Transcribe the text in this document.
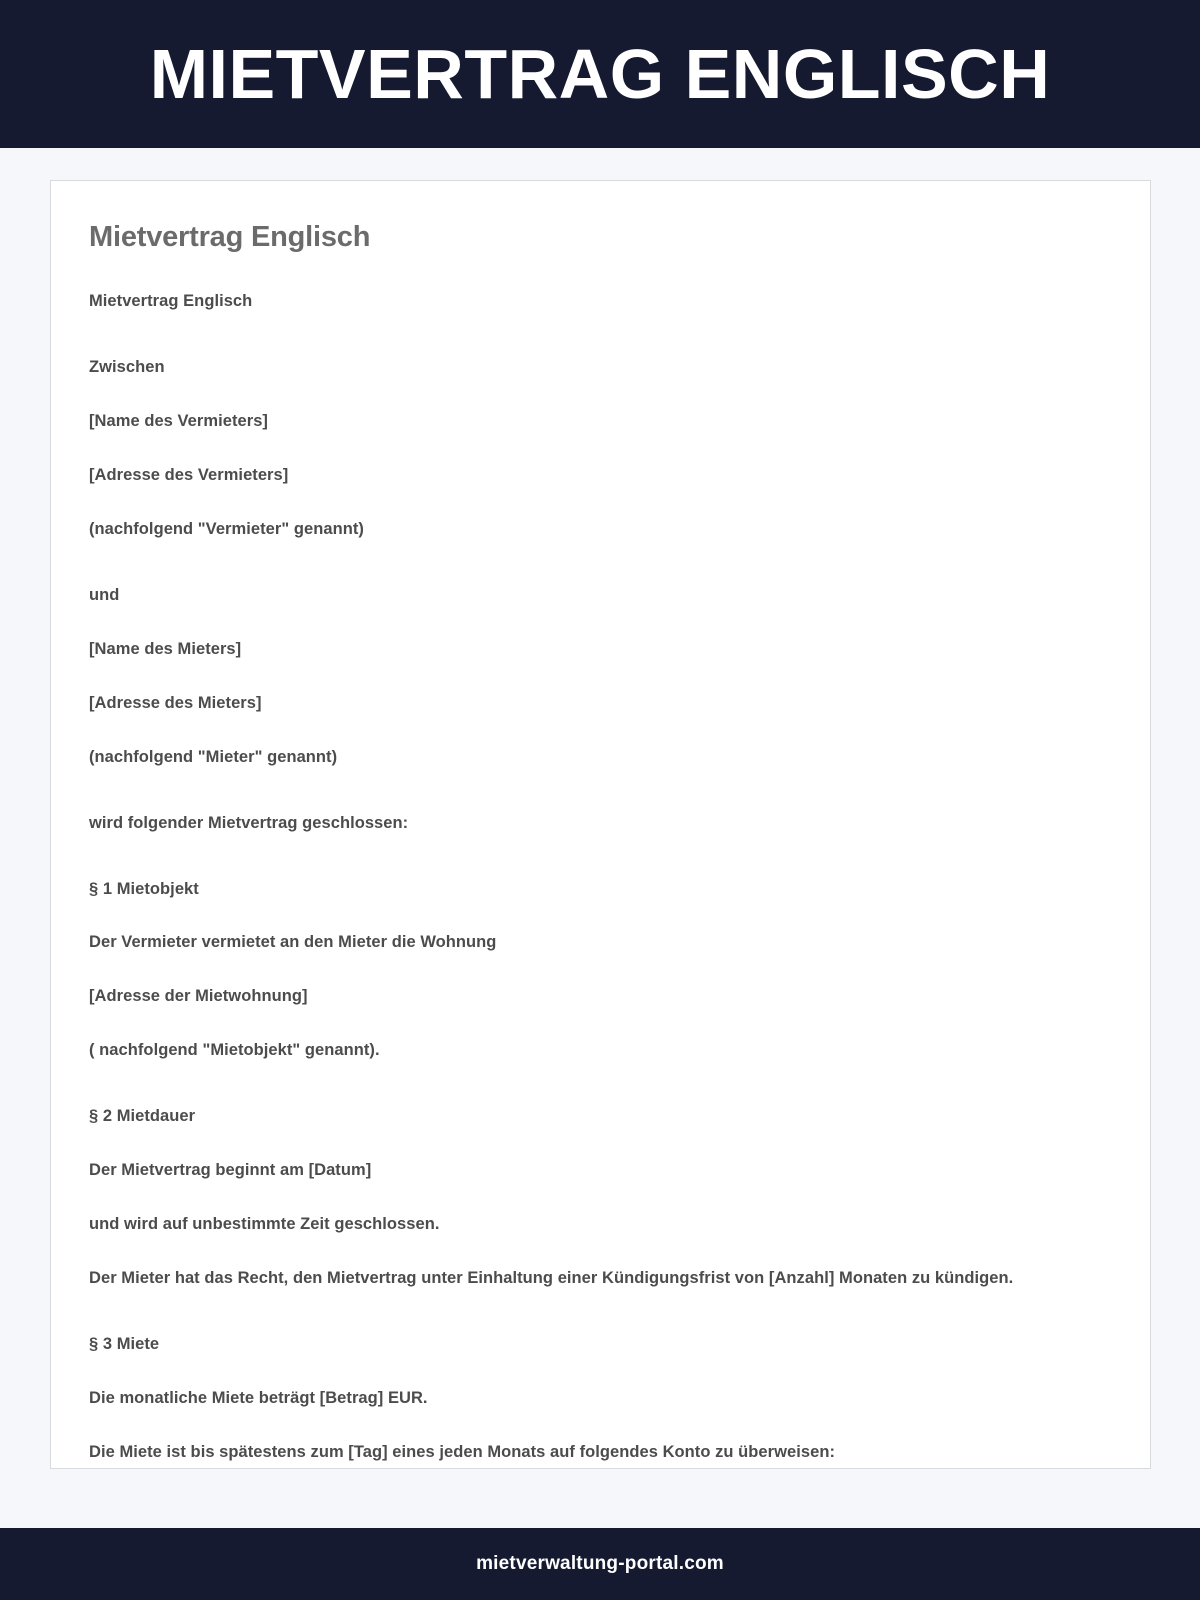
MIETVERTRAG ENGLISCH
Mietvertrag Englisch

Mietvertrag Englisch

Zwischen

[Name des Vermieters]

[Adresse des Vermieters]

(nachfolgend "Vermieter" genannt)

und

[Name des Mieters]

[Adresse des Mieters]

(nachfolgend "Mieter" genannt)

wird folgender Mietvertrag geschlossen:

§ 1 Mietobjekt

Der Vermieter vermietet an den Mieter die Wohnung

[Adresse der Mietwohnung]

( nachfolgend "Mietobjekt" genannt).

§ 2 Mietdauer

Der Mietvertrag beginnt am [Datum]

und wird auf unbestimmte Zeit geschlossen.

Der Mieter hat das Recht, den Mietvertrag unter Einhaltung einer Kündigungsfrist von [Anzahl] Monaten zu kündigen.

§ 3 Miete

Die monatliche Miete beträgt [Betrag] EUR.

Die Miete ist bis spätestens zum [Tag] eines jeden Monats auf folgendes Konto zu überweisen:

mietverwaltung-portal.com
